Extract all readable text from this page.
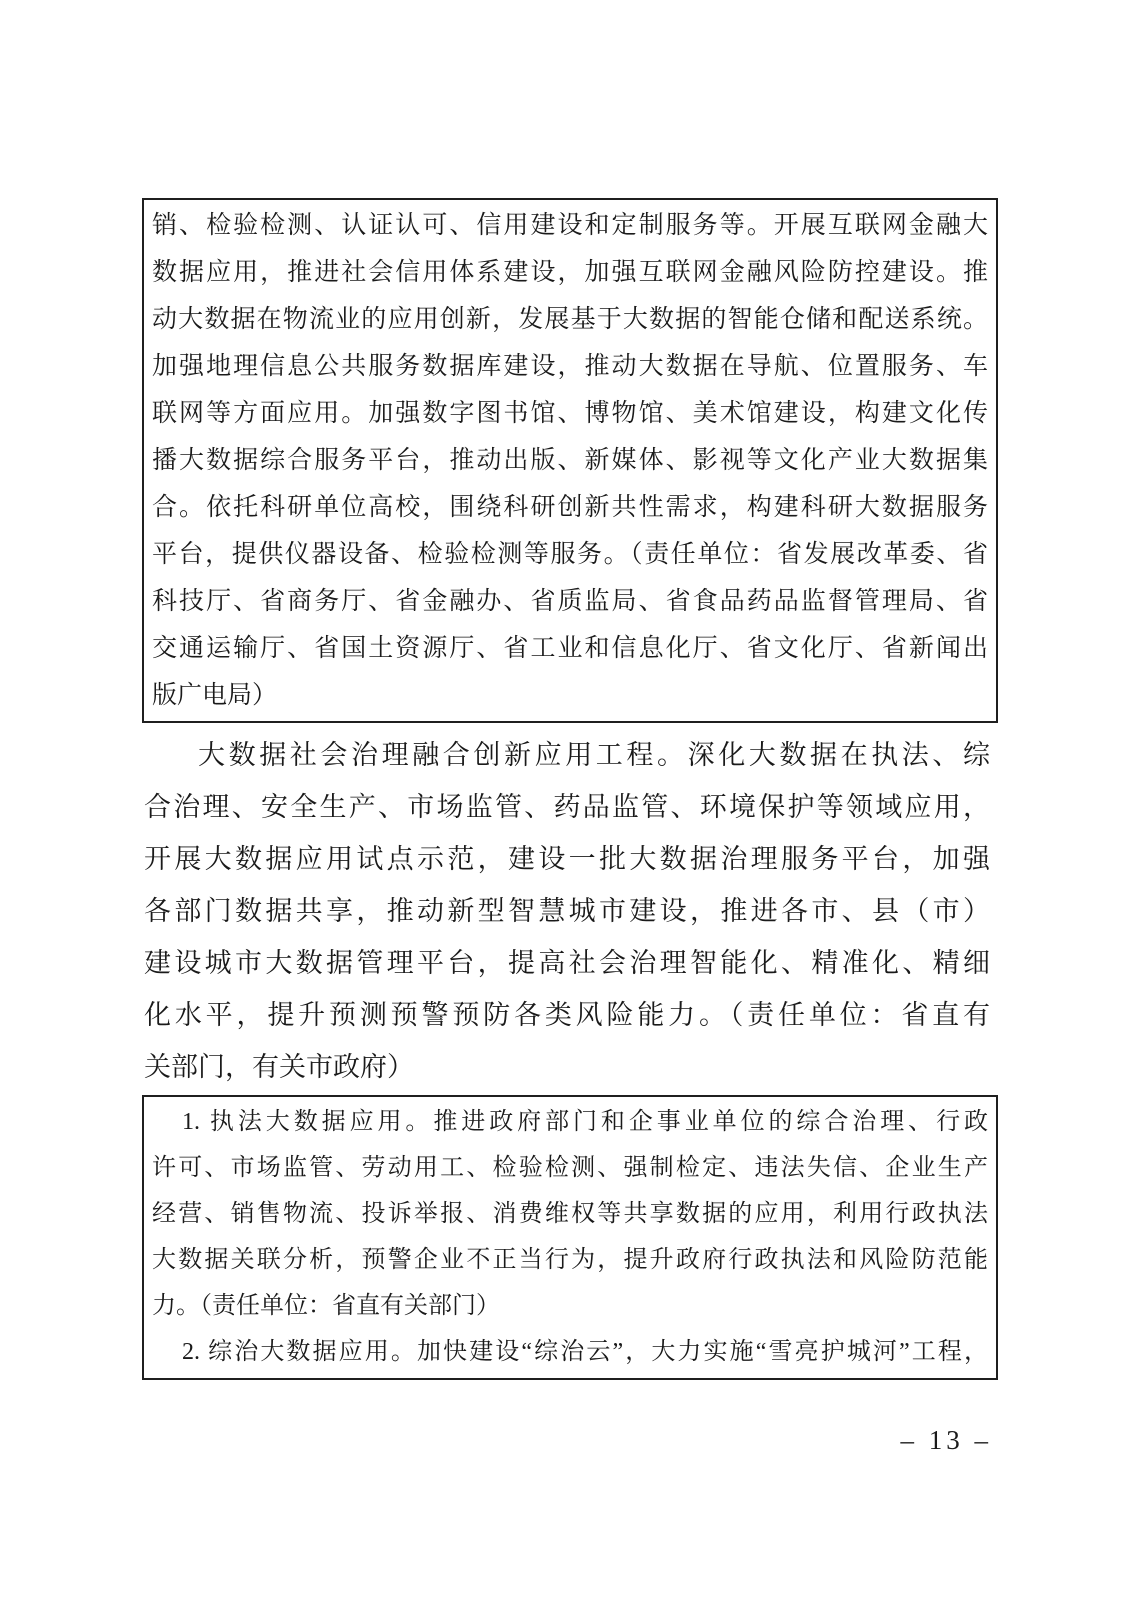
销、检验检测、认证认可、信用建设和定制服务等。开展互联网金融大
数据应用，推进社会信用体系建设，加强互联网金融风险防控建设。推
动大数据在物流业的应用创新，发展基于大数据的智能仓储和配送系统。
加强地理信息公共服务数据库建设，推动大数据在导航、位置服务、车
联网等方面应用。加强数字图书馆、博物馆、美术馆建设，构建文化传
播大数据综合服务平台，推动出版、新媒体、影视等文化产业大数据集
合。依托科研单位高校，围绕科研创新共性需求，构建科研大数据服务
平台，提供仪器设备、检验检测等服务。（责任单位：省发展改革委、省
科技厅、省商务厅、省金融办、省质监局、省食品药品监督管理局、省
交通运输厅、省国土资源厅、省工业和信息化厅、省文化厅、省新闻出
版广电局）
大数据社会治理融合创新应用工程。深化大数据在执法、综
合治理、安全生产、市场监管、药品监管、环境保护等领域应用，
开展大数据应用试点示范，建设一批大数据治理服务平台，加强
各部门数据共享，推动新型智慧城市建设，推进各市、县（市）
建设城市大数据管理平台，提高社会治理智能化、精准化、精细
化水平，提升预测预警预防各类风险能力。（责任单位：省直有
关部门，有关市政府）
1. 执法大数据应用。推进政府部门和企事业单位的综合治理、行政
许可、市场监管、劳动用工、检验检测、强制检定、违法失信、企业生产
经营、销售物流、投诉举报、消费维权等共享数据的应用，利用行政执法
大数据关联分析，预警企业不正当行为，提升政府行政执法和风险防范能
力。（责任单位：省直有关部门）
2. 综治大数据应用。加快建设“综治云”，大力实施“雪亮护城河”工程，
– 13 –
